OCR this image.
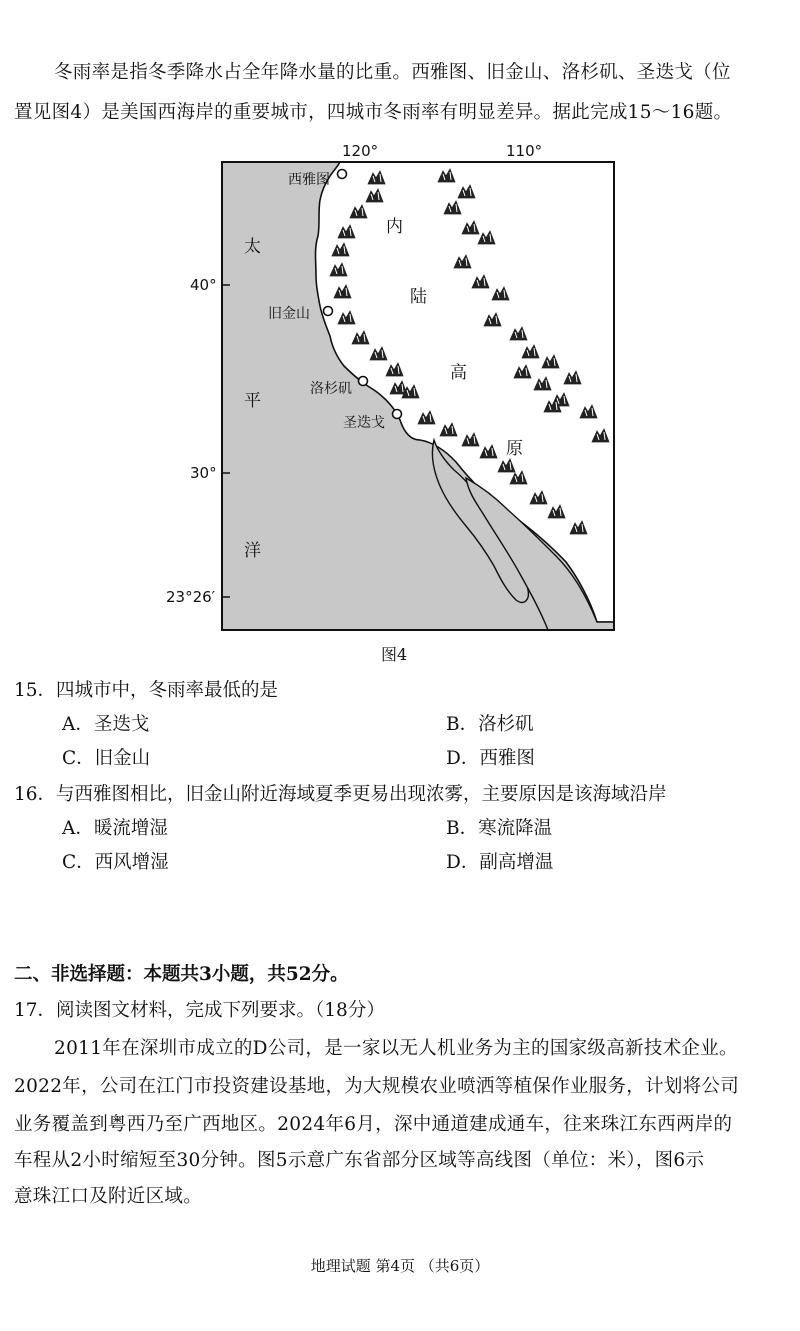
冬雨率是指冬季降水占全年降水量的比重。西雅图、旧金山、洛杉矶、圣迭戈（位
置见图4）是美国西海岸的重要城市，四城市冬雨率有明显差异。据此完成15～16题。
120°	110°
40°
30°
23°26′
太
平
洋
内
陆
高
原
西雅图
旧金山
洛杉矶
圣迭戈
图4
15．四城市中，冬雨率最低的是
A．圣迭戈	B．洛杉矶
C．旧金山	D．西雅图
16．与西雅图相比，旧金山附近海域夏季更易出现浓雾，主要原因是该海域沿岸
A．暖流增湿	B．寒流降温
C．西风增湿	D．副高增温
二、非选择题：本题共3小题，共52分。
17．阅读图文材料，完成下列要求。（18分）
2011年在深圳市成立的D公司，是一家以无人机业务为主的国家级高新技术企业。
2022年，公司在江门市投资建设基地，为大规模农业喷洒等植保作业服务，计划将公司
业务覆盖到粤西乃至广西地区。2024年6月，深中通道建成通车，往来珠江东西两岸的
车程从2小时缩短至30分钟。图5示意广东省部分区域等高线图（单位：米），图6示
意珠江口及附近区域。
地理试题 第4页 （共6页）
